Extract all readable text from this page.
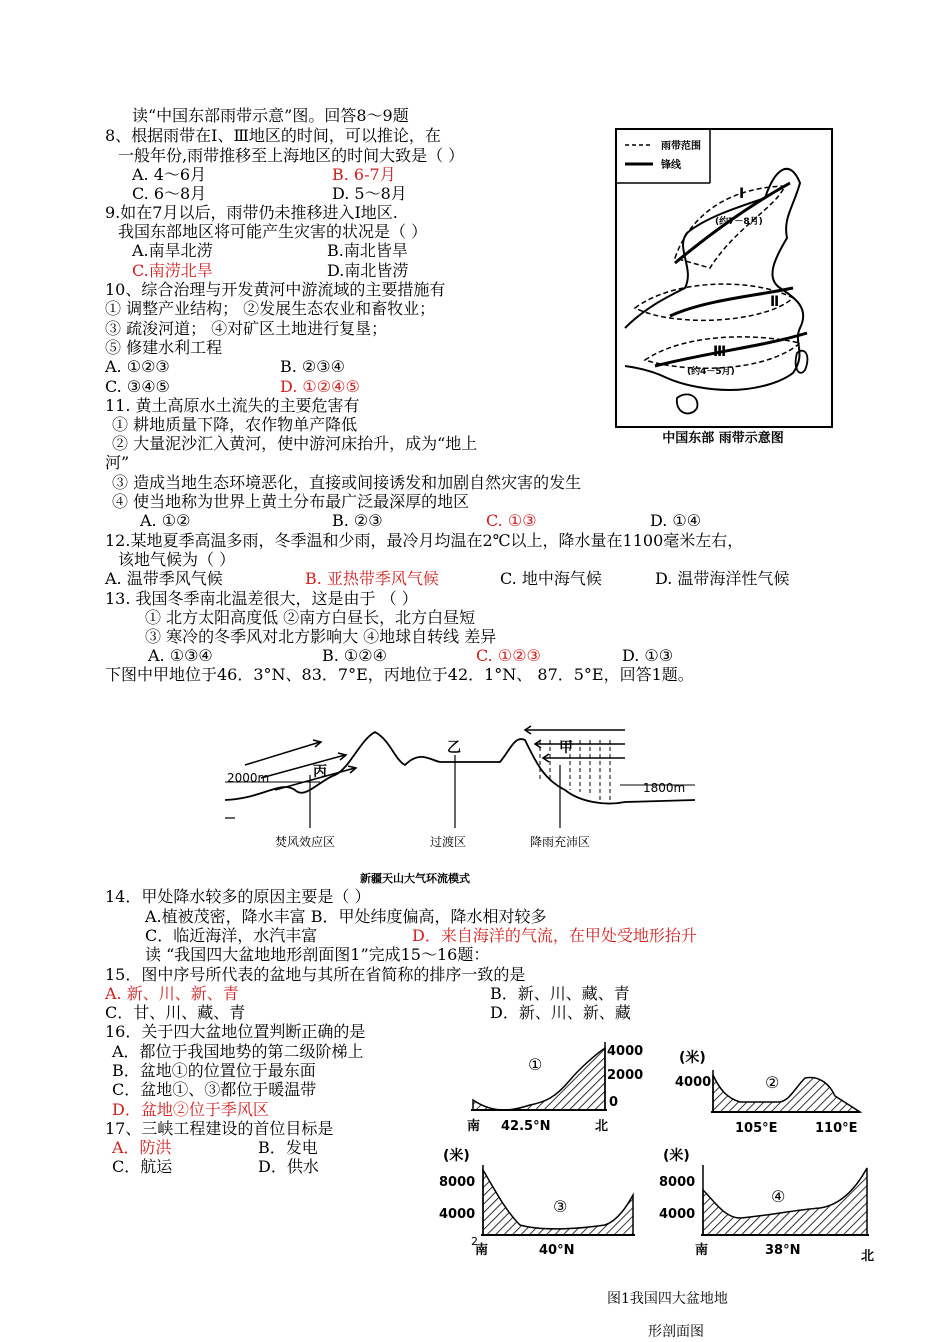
读“中国东部雨带示意”图。回答8～9题
8、根据雨带在Ⅰ、Ⅲ地区的时间，可以推论，在
一般年份,雨带推移至上海地区的时间大致是（ ）
A. 4～6月	B. 6-7月
C. 6～8月	D. 5～8月
9.如在7月以后，雨带仍未推移进入Ⅰ地区.
我国东部地区将可能产生灾害的状况是（ ）
A.南旱北涝	B.南北皆旱
C.南涝北旱	D.南北皆涝
10、综合治理与开发黄河中游流域的主要措施有
① 调整产业结构； ②发展生态农业和畜牧业；
③ 疏浚河道； ④对矿区土地进行复垦；
⑤ 修建水利工程
A. ①②③	B. ②③④
C. ③④⑤	D. ①②④⑤
11. 黄土高原水土流失的主要危害有
① 耕地质量下降，农作物单产降低
② 大量泥沙汇入黄河，使中游河床抬升，成为“地上
河”
③ 造成当地生态环境恶化，直接或间接诱发和加剧自然灾害的发生
④ 使当地称为世界上黄土分布最广泛最深厚的地区
A. ①②	B. ②③	C. ①③	D. ①④
12.某地夏季高温多雨，冬季温和少雨，最冷月均温在2℃以上，降水量在1100毫米左右，
该地气候为（ ）
A. 温带季风气候	B. 亚热带季风气候	C. 地中海气候	D. 温带海洋性气候
13. 我国冬季南北温差很大，这是由于 （ ）
① 北方太阳高度低 ②南方白昼长，北方白昼短
③ 寒冷的冬季风对北方影响大 ④地球自转线 差异
A. ①③④	B. ①②④	C. ①②③	D. ①③
下图中甲地位于46．3°N、83．7°E，丙地位于42．1°N、 87．5°E，回答1题。
14．甲处降水较多的原因主要是（ ）
A.植被茂密，降水丰富 B．甲处纬度偏高，降水相对较多
C．临近海洋，水汽丰富	D．来自海洋的气流，在甲处受地形抬升
读 “我国四大盆地地形剖面图1”完成15～16题：
15．图中序号所代表的盆地与其所在省简称的排序一致的是
A. 新、川、新、青	B．新、川、藏、青
C．甘、川、藏、青	D．新、川、新、藏
16．关于四大盆地位置判断正确的是
A．都位于我国地势的第二级阶梯上
B．盆地①的位置位于最东面
C．盆地①、③都位于暖温带
D．盆地②位于季风区
17、三峡工程建设的首位目标是
A．防洪	B．发电
C．航运	D．供水
雨带范围
锋线
Ⅰ
(约7－8月)
Ⅱ
Ⅲ
(约4－5月)
中国东部 雨带示意图
丙
乙	甲
2000m
1800m
焚风效应区	过渡区	降雨充沛区
新疆天山大气环流模式
①
4000
2000
0
南 42.5°N	北
(米)
4000	②
105°E	110°E
(米)
8000
4000	③
南	40°N
(米)
8000
4000
④
南	38°N	北
2
图1我国四大盆地地
形剖面图
